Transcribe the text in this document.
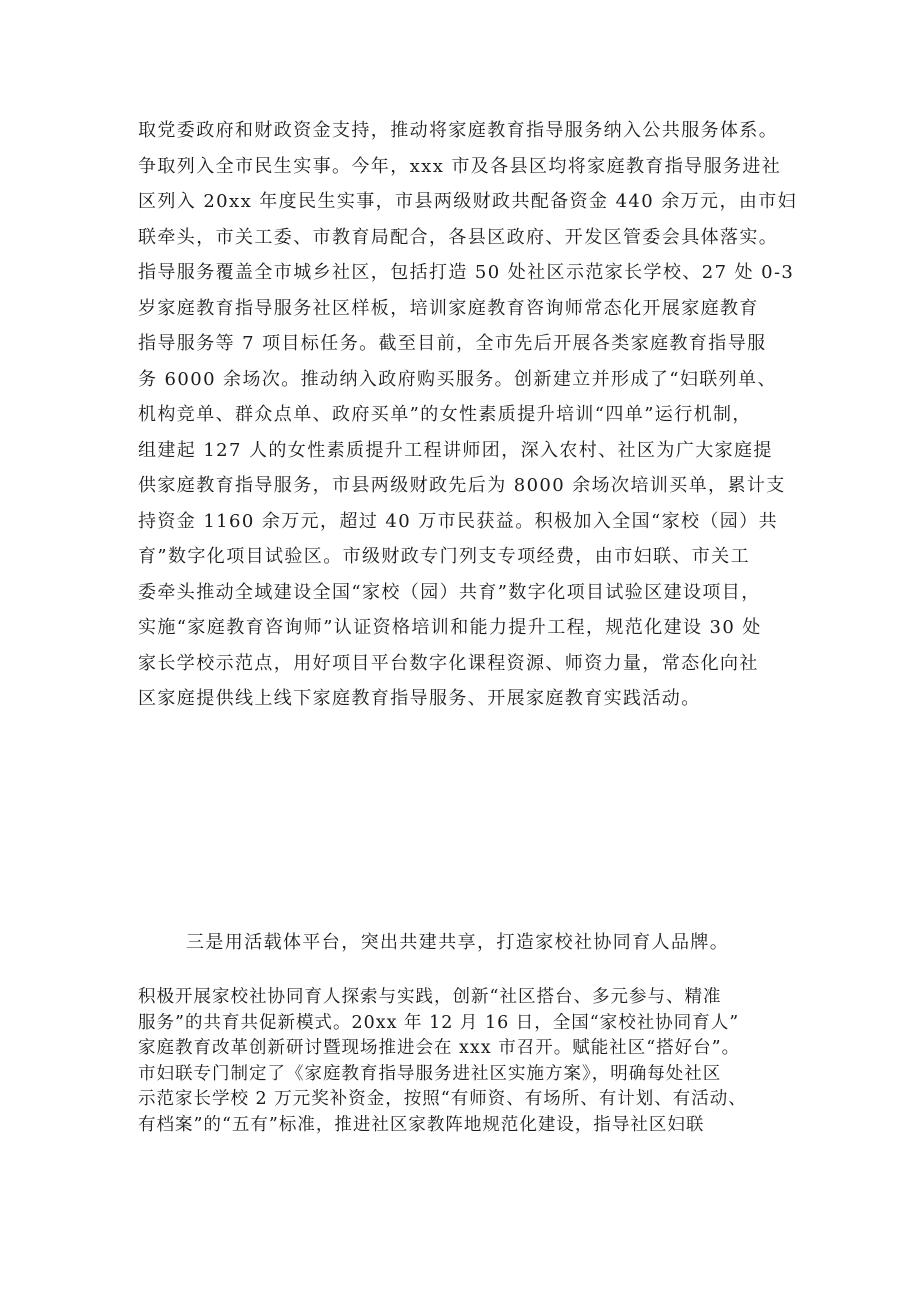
取党委政府和财政资金支持，推动将家庭教育指导服务纳入公共服务体系。
争取列入全市民生实事。今年，xxx 市及各县区均将家庭教育指导服务进社
区列入 20xx 年度民生实事，市县两级财政共配备资金 440 余万元，由市妇
联牵头，市关工委、市教育局配合，各县区政府、开发区管委会具体落实。
指导服务覆盖全市城乡社区，包括打造 50 处社区示范家长学校、27 处 0-3
岁家庭教育指导服务社区样板，培训家庭教育咨询师常态化开展家庭教育
指导服务等 7 项目标任务。截至目前，全市先后开展各类家庭教育指导服
务 6000 余场次。推动纳入政府购买服务。创新建立并形成了“妇联列单、
机构竞单、群众点单、政府买单”的女性素质提升培训“四单”运行机制，
组建起 127 人的女性素质提升工程讲师团，深入农村、社区为广大家庭提
供家庭教育指导服务，市县两级财政先后为 8000 余场次培训买单，累计支
持资金 1160 余万元，超过 40 万市民获益。积极加入全国“家校（园）共
育”数字化项目试验区。市级财政专门列支专项经费，由市妇联、市关工
委牵头推动全域建设全国“家校（园）共育”数字化项目试验区建设项目，
实施“家庭教育咨询师”认证资格培训和能力提升工程，规范化建设 30 处
家长学校示范点，用好项目平台数字化课程资源、师资力量，常态化向社
区家庭提供线上线下家庭教育指导服务、开展家庭教育实践活动。
三是用活载体平台，突出共建共享，打造家校社协同育人品牌。
积极开展家校社协同育人探索与实践，创新“社区搭台、多元参与、精准
服务”的共育共促新模式。20xx 年 12 月 16 日，全国“家校社协同育人”
家庭教育改革创新研讨暨现场推进会在 xxx 市召开。赋能社区“搭好台”。
市妇联专门制定了《家庭教育指导服务进社区实施方案》，明确每处社区
示范家长学校 2 万元奖补资金，按照“有师资、有场所、有计划、有活动、
有档案”的“五有”标准，推进社区家教阵地规范化建设，指导社区妇联
